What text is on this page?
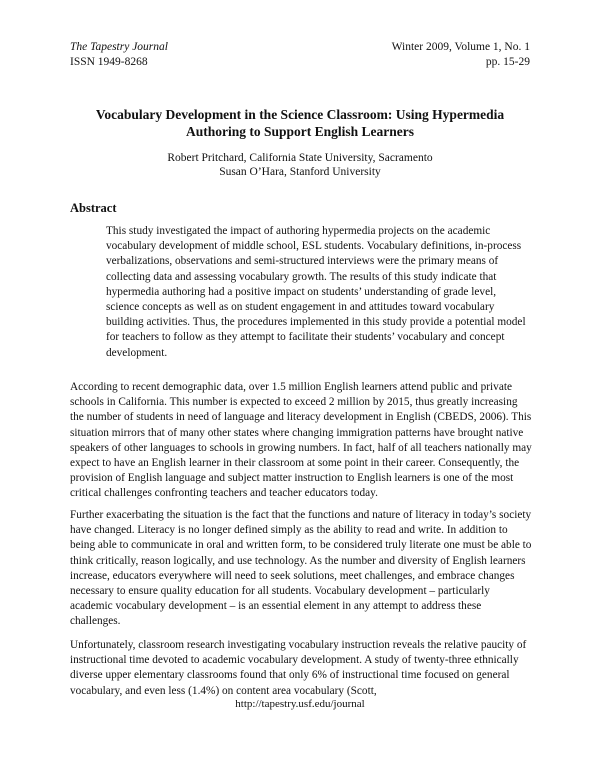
The Tapestry Journal
ISSN 1949-8268
Winter 2009, Volume 1, No. 1
pp. 15-29
Vocabulary Development in the Science Classroom: Using Hypermedia
Authoring to Support English Learners
Robert Pritchard, California State University, Sacramento
Susan O’Hara, Stanford University
Abstract
This study investigated the impact of authoring hypermedia projects on the academic vocabulary development of middle school, ESL students. Vocabulary definitions, in-process verbalizations, observations and semi-structured interviews were the primary means of collecting data and assessing vocabulary growth. The results of this study indicate that hypermedia authoring had a positive impact on students’ understanding of grade level, science concepts as well as on student engagement in and attitudes toward vocabulary building activities. Thus, the procedures implemented in this study provide a potential model for teachers to follow as they attempt to facilitate their students’ vocabulary and concept development.

According to recent demographic data, over 1.5 million English learners attend public and private schools in California. This number is expected to exceed 2 million by 2015, thus greatly increasing the number of students in need of language and literacy development in English (CBEDS, 2006). This situation mirrors that of many other states where changing immigration patterns have brought native speakers of other languages to schools in growing numbers. In fact, half of all teachers nationally may expect to have an English learner in their classroom at some point in their career. Consequently, the provision of English language and subject matter instruction to English learners is one of the most critical challenges confronting teachers and teacher educators today.

Further exacerbating the situation is the fact that the functions and nature of literacy in today’s society have changed. Literacy is no longer defined simply as the ability to read and write. In addition to being able to communicate in oral and written form, to be considered truly literate one must be able to think critically, reason logically, and use technology. As the number and diversity of English learners increase, educators everywhere will need to seek solutions, meet challenges, and embrace changes necessary to ensure quality education for all students. Vocabulary development – particularly academic vocabulary development – is an essential element in any attempt to address these challenges.

Unfortunately, classroom research investigating vocabulary instruction reveals the relative paucity of instructional time devoted to academic vocabulary development. A study of twenty-three ethnically diverse upper elementary classrooms found that only 6% of instructional time focused on general vocabulary, and even less (1.4%) on content area vocabulary (Scott,

http://tapestry.usf.edu/journal
